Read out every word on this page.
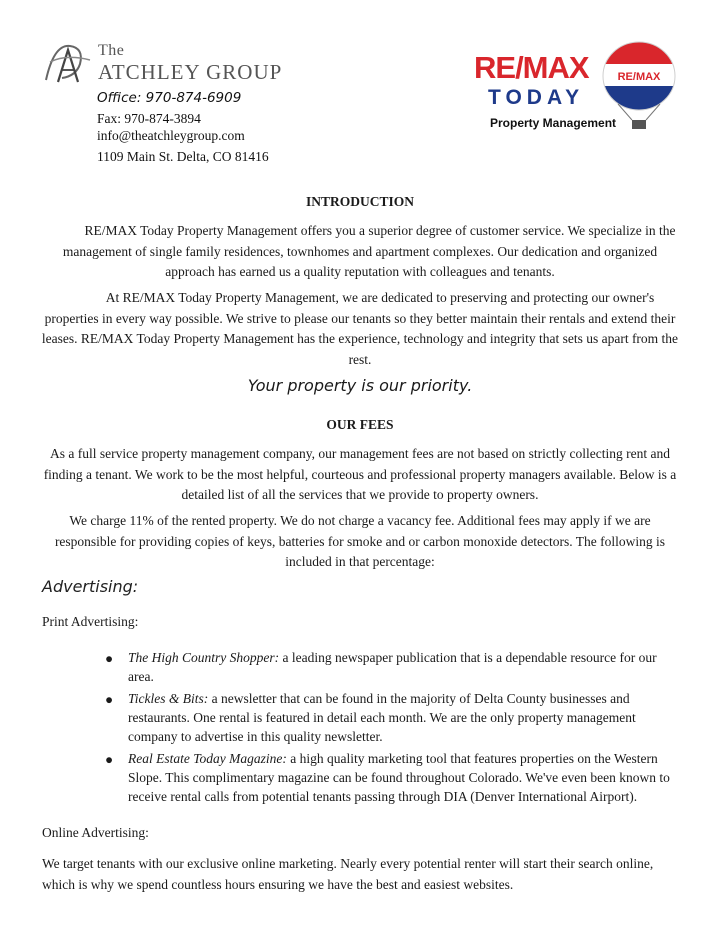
The
ATCHLEY GROUP
Office: 970-874-6909
Fax: 970-874-3894
info@theatchleygroup.com
1109 Main St. Delta, CO 81416
RE/MAX
TODAY
Property Management
RE/MAX
INTRODUCTION
RE/MAX Today Property Management offers you a superior degree of customer service. We specialize in the management of single family residences, townhomes and apartment complexes. Our dedication and organized approach has earned us a quality reputation with colleagues and tenants.
At RE/MAX Today Property Management, we are dedicated to preserving and protecting our owner's properties in every way possible. We strive to please our tenants so they better maintain their rentals and extend their leases. RE/MAX Today Property Management has the experience, technology and integrity that sets us apart from the rest.
Your property is our priority.
OUR FEES
As a full service property management company, our management fees are not based on strictly collecting rent and finding a tenant. We work to be the most helpful, courteous and professional property managers available. Below is a detailed list of all the services that we provide to property owners.
We charge 11% of the rented property. We do not charge a vacancy fee. Additional fees may apply if we are responsible for providing copies of keys, batteries for smoke and or carbon monoxide detectors. The following is included in that percentage:
Advertising:
Print Advertising:
● The High Country Shopper: a leading newspaper publication that is a dependable resource for our area.
● Tickles & Bits: a newsletter that can be found in the majority of Delta County businesses and restaurants. One rental is featured in detail each month. We are the only property management company to advertise in this quality newsletter.
● Real Estate Today Magazine: a high quality marketing tool that features properties on the Western Slope. This complimentary magazine can be found throughout Colorado. We've even been known to receive rental calls from potential tenants passing through DIA (Denver International Airport).
Online Advertising:
We target tenants with our exclusive online marketing. Nearly every potential renter will start their search online, which is why we spend countless hours ensuring we have the best and easiest websites.
